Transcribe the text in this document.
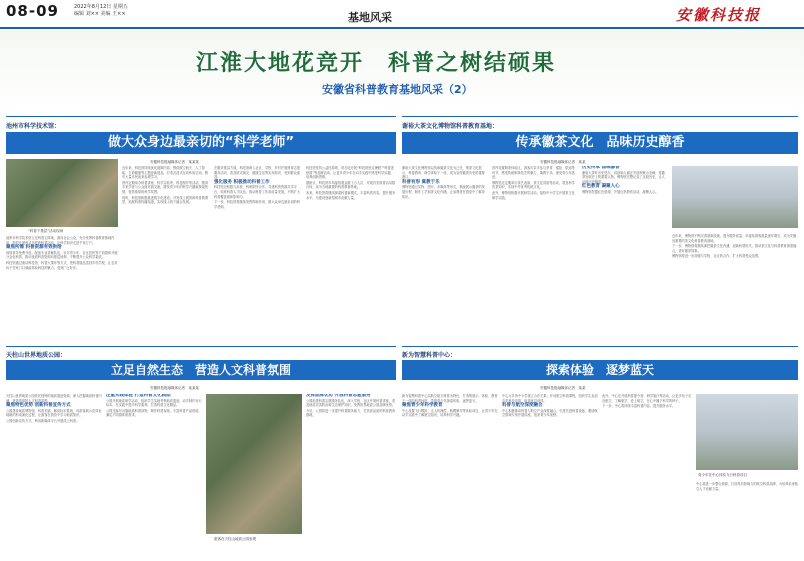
08-09	2022年8月12日 星期五
编辑 刘×× 美编 王××	基地风采	安徽科技报
江淮大地花竞开　科普之树结硕果
安徽省科普教育基地风采（2）
池州市科学技术馆：
做大众身边最亲切的“科学老师”
安徽科技报融媒体记者　某某某
“科普下基层”活动现场

池州市科学技术馆立足科普主阵地，面向社会公众，充分发挥科普教育基地作用，组织开展形式多样的科普活动，让科学知识走进千家万户。

聚焦所需 科普资源有效供给

场馆常年免费开放，配备专业讲解队伍，针对青少年、社区居民等不同群体开展分众化科普，推动优质科普资源向基层延伸，不断提升公众科学素质。

科技馆通过流动科技馆、科普大篷车等方式，把科普展品送到乡村学校，让农村孩子在家门口就能体验科技的魅力，受到广泛好评。

近年来，科技馆持续优化展陈内容，围绕航空航天、人工智能、生命健康等主题更新展品，打造沉浸式互动体验空间，吸引大量市民前来参观学习。

馆内定期举办科普讲座、科学实验秀、科技制作等活动，邀请专家学者与公众面对面交流，激发青少年的科学兴趣和探索热情，营造浓厚的科学氛围。

同时，科技馆积极推进数字化建设，开发线上展馆和科普微课堂，拓展科普传播渠道，实现线上线下融合发展。

在服务基层方面，科技馆深入社区、学校、乡村开展科普志愿服务活动，普及防灾减灾、健康生活等实用知识，受到群众欢迎。

强化服务 积极推动科普工作

科技馆还积极与高校、科研院所合作，共建科普资源共享平台，培养科普人才队伍，推动科普工作高质量发展，不断扩大科普覆盖面和影响力。

下一步，科技馆将继续发挥阵地作用，做大众身边最亲切的科学老师。

科技馆坚持公益性原则，常态化开展“科技馆里过暑假”“科普进校园”等品牌活动，让更多青少年在动手实践中感受科学乐趣，培养创新思维。

据统计，科技馆年均接待观众数十万人次，开展各类科普活动数百场，成为当地重要的科普教育阵地。

未来，科技馆将继续探索科普新模式，丰富科普内容，提升服务水平，为建设创新型城市贡献力量。

谢裕大茶文化博物馆科普教育基地：
传承徽茶文化　品味历史醇香
安徽科技报融媒体记者　某某

谢裕大茶文化博物馆以传承徽茶文化为己任，集茶文化展示、科普教育、研学体验于一体，成为宣传徽茶历史的重要窗口。

科普有形 寓教于乐

博物馆通过实物、图片、多媒体等形式，系统展示徽茶的发展历程、制作工艺和茶文化内涵，让参观者在游览中了解茶知识。

馆内设置制茶体验区，游客可亲手参与杀青、揉捻、烘焙等环节，感受传统制茶技艺的魅力，寓教于乐，深受青少年喜爱。

博物馆还定期举办茶艺表演、茶文化讲座等活动，普及科学饮茶知识，弘扬中华优秀传统文化。

此外，博物馆积极开展研学活动，接待中小学生开展茶文化研学实践。

历史传承 品味醇香

谢裕大茶叶历史悠久，其创始人谢正安创制黄山毛峰，是徽茶发展史上的重要人物，博物馆完整记录了这段历史，让人品味历史醇香。

红色教育 凝聚人心

博物馆挖掘红色资源，开展红色教育活动，凝聚人心。

近年来，博物馆不断完善展陈设施，提升服务质量，年接待游客数量逐年增长，成为安徽省重要的茶文化科普教育基地。

下一步，博物馆将继续深挖徽茶文化内涵，创新科普形式，推动茶文化与科普教育深度融合，讲好徽茶故事。

博物馆将进一步加强与学校、社区的合作，扩大科普受众范围。

天柱山世界地质公园：
立足自然生态　营造人文科普氛围
安徽科技报融媒体记者　某某某

天柱山世界地质公园依托独特的地质遗迹资源，深入挖掘地质科普内涵，营造浓厚的人文科普氛围。

聚焦特色优势 创新科普宣传方式

公园建设地质博物馆、科普长廊、解说标识系统，向游客展示花岗岩地貌的形成演化过程，让游客在游览中学习地质知识。

公园创新宣传方式，利用新媒体平台开展线上科普。

注重实践体验 打造科普文化精品

公园开展地质研学活动，组织学生实地考察地质遗迹，动手制作岩石标本，在实践中提升科学素养，打造科普文化精品。

公园还编写出版地质科普读物，制作科普视频，丰富科普产品供给，满足不同群体的需求。

游客在天柱山地质公园参观
发挥品牌优势 开展科普志愿服务

公园组建科普志愿服务队伍，深入学校、社区开展科普讲座，普及地质灾害防治和生态保护知识，发挥世界地质公园品牌优势。

今后，公园将进一步提升科普服务能力，打造高品质的科普教育基地。

新为智慧科普中心：
探索体验　逐梦蓝天
安徽科技报融媒体记者　某某

新为智慧科普中心以航空航天科普为特色，打造集展示、体验、教育于一体的科普场馆，带领青少年探索体验、逐梦蓝天。

聚焦青少年科学教育

中心设置飞行模拟、无人机操控、航模制作等体验项目，让青少年在动手实践中了解航空知识，培养科学兴趣。

中心与多所中小学建立合作关系，开设航空科普课程，组织学生参加各类科技竞赛，取得优异成绩。

科普与航空深度融合

中心积极推动科普与航空产业深度融合，引进先进科普设备，邀请航空领域专家开展讲座，拓宽青少年视野。

此外，中心还开展科普夏令营、研学旅行等活动，让更多孩子走近航空、了解航空、爱上航空，在心中播下科学的种子。

下一步，中心将持续丰富科普内容，提升服务水平。

青少年在中心体验飞行科普项目

中心将进一步整合资源，打造具有影响力的航空科普品牌，为培养未来航空人才贡献力量。
